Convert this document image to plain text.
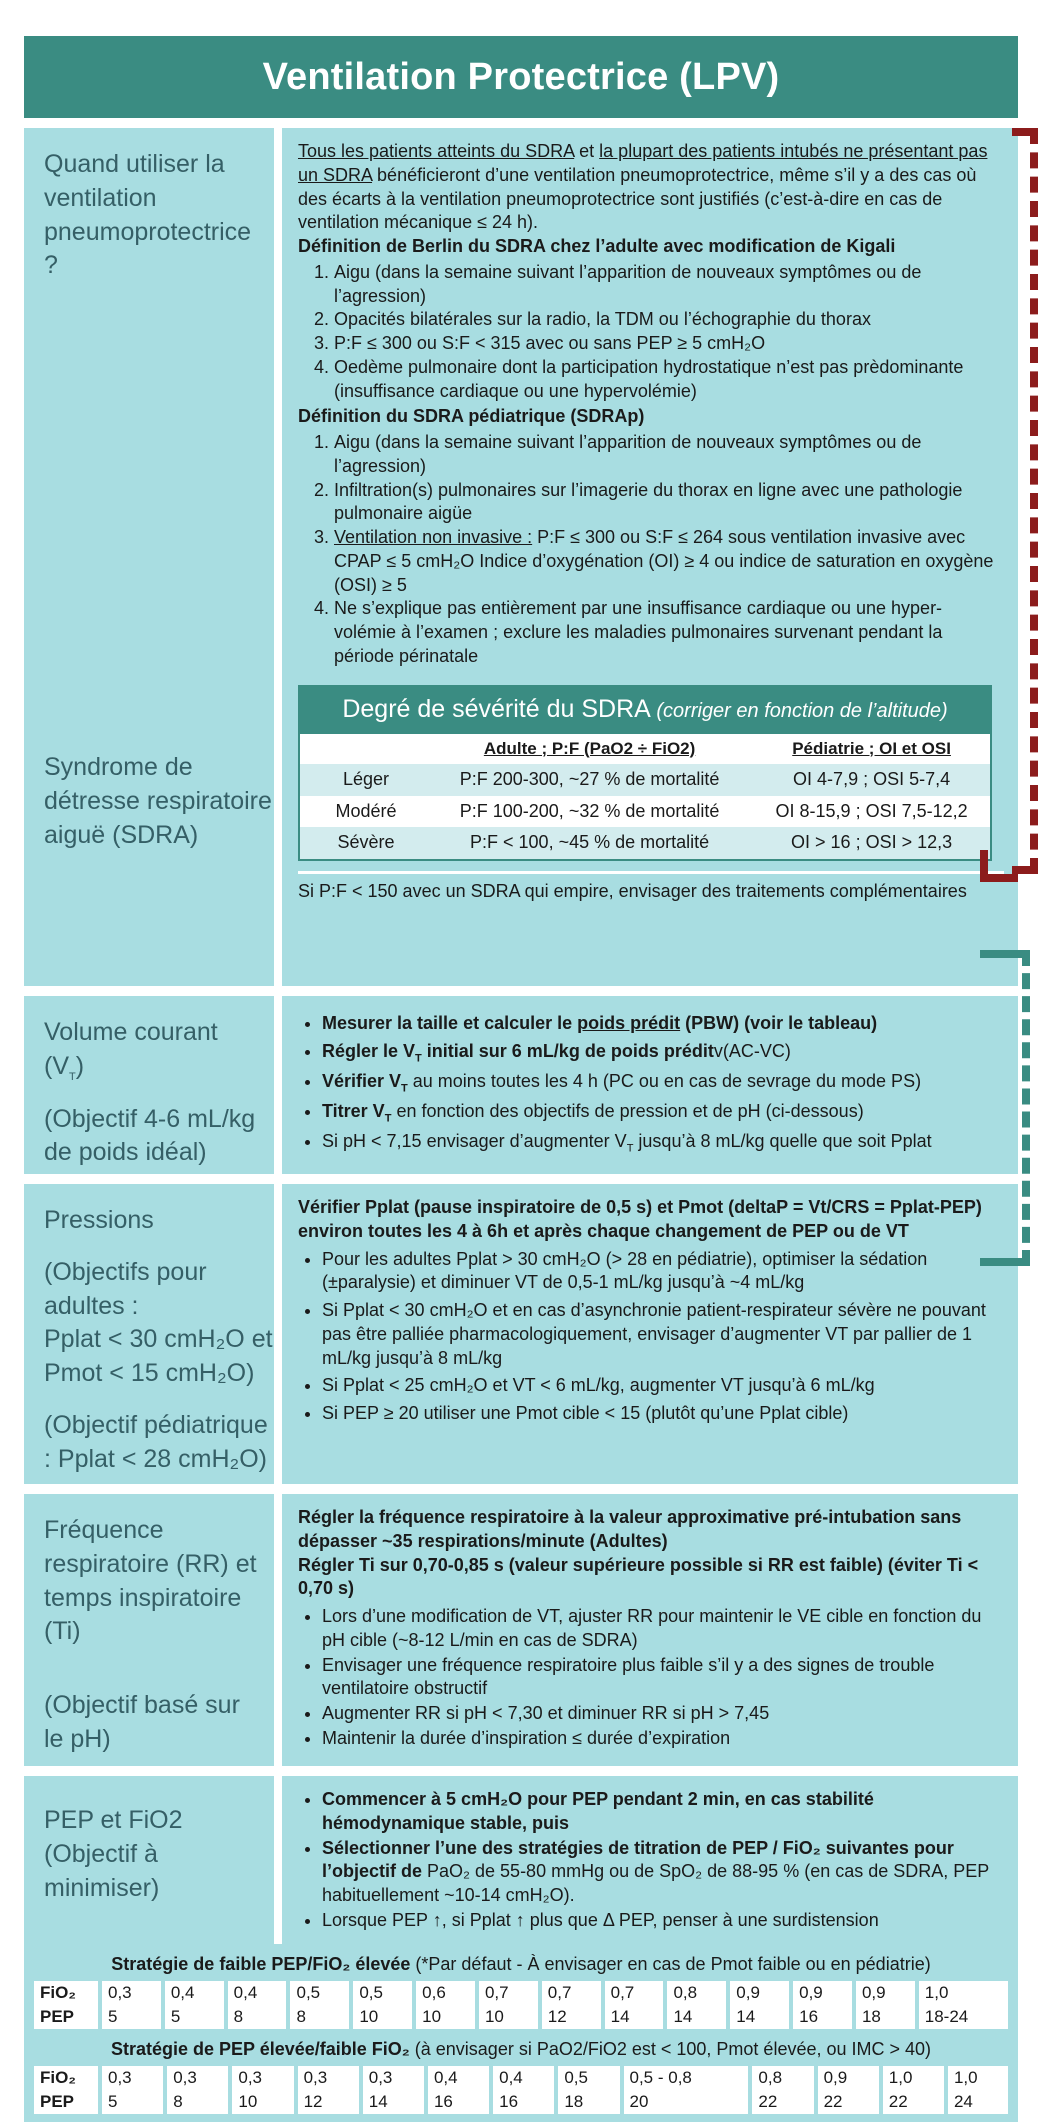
Ventilation Protectrice (LPV)
Quand utiliser la ventilation pneumoprotectrice ?
Syndrome de détresse respiratoire aiguë (SDRA)

Tous les patients atteints du SDRA et la plupart des patients intubés ne présentant pas un SDRA bénéficieront d’une ventilation pneumoprotectrice, même s’il y a des cas où des écarts à la ventilation pneumoprotectrice sont justifiés (c’est-à-dire en cas de ventilation mécanique ≤ 24 h).

Définition de Berlin du SDRA chez l’adulte avec modification de Kigali

1. Aigu (dans la semaine suivant l’apparition de nouveaux symptômes ou de l’agression)
2. Opacités bilatérales sur la radio, la TDM ou l’échographie du thorax
3. P:F ≤ 300 ou S:F < 315 avec ou sans PEP ≥ 5 cmH₂O
4. Oedème pulmonaire dont la participation hydrostatique n’est pas prèdominante (insuffisance cardiaque ou une hypervolémie)

Définition du SDRA pédiatrique (SDRAp)

1. Aigu (dans la semaine suivant l’apparition de nouveaux symptômes ou de l’agression)
2. Infiltration(s) pulmonaires sur l’imagerie du thorax en ligne avec une pathologie pulmonaire aigüe
3. Ventilation non invasive : P:F ≤ 300 ou S:F ≤ 264 sous ventilation invasive avec CPAP ≤ 5 cmH₂O Indice d’oxygénation (OI) ≥ 4 ou indice de saturation en oxygène (OSI) ≥ 5
4. Ne s’explique pas entièrement par une insuffisance cardiaque ou une hyper-volémie à l’examen ; exclure les maladies pulmonaires survenant pendant la période périnatale
Degré de sévérité du SDRA (corriger en fonction de l’altitude)
	Adulte ; P:F (PaO2 ÷ FiO2)		Pédiatrie ; OI et OSI
Léger	P:F 200-300, ~27 % de mortalité		OI 4-7,9 ; OSI 5-7,4
Modéré	P:F 100-200, ~32 % de mortalité		OI 8-15,9 ; OSI 7,5-12,2
Sévère	P:F < 100, ~45 % de mortalité		OI > 16 ; OSI > 12,3

Si P:F < 150 avec un SDRA qui empire, envisager des traitements complémentaires

Volume courant $(V_T)$
(Objectif 4-6 mL/kg de poids idéal)
• Mesurer la taille et calculer le poids prédit (PBW) (voir le tableau)
• Régler le $V_T$ initial sur 6 mL/kg de poids préditv(AC-VC)
• Vérifier $V_T$ au moins toutes les 4 h (PC ou en cas de sevrage du mode PS)
• Titrer $V_T$ en fonction des objectifs de pression et de pH (ci-dessous)
• Si pH < 7,15 envisager d’augmenter $V_T$ jusqu’à 8 mL/kg quelle que soit Pplat
Pressions
(Objectifs pour adultes :
Pplat < 30 cmH₂O et Pmot < 15 cmH₂O)
(Objectif pédiatrique : Pplat < 28 cmH₂O)

Vérifier Pplat (pause inspiratoire de 0,5 s) et Pmot (deltaP = Vt/CRS = Pplat-PEP) environ toutes les 4 à 6h et après chaque changement de PEP ou de VT

• Pour les adultes Pplat > 30 cmH₂O (> 28 en pédiatrie), optimiser la sédation (±paralysie) et diminuer VT de 0,5-1 mL/kg jusqu’à ~4 mL/kg
• Si Pplat < 30 cmH₂O et en cas d’asynchronie patient-respirateur sévère ne pouvant pas être palliée pharmacologiquement, envisager d’augmenter VT par pallier de 1 mL/kg jusqu’à 8 mL/kg
• Si Pplat < 25 cmH₂O et VT < 6 mL/kg, augmenter VT jusqu’à 6 mL/kg
• Si PEP ≥ 20 utiliser une Pmot cible < 15 (plutôt qu’une Pplat cible)
Fréquence respiratoire (RR) et temps inspiratoire (Ti)
(Objectif basé sur le pH)

Régler la fréquence respiratoire à la valeur approximative pré-intubation sans dépasser ~35 respirations/minute (Adultes)

Régler Ti sur 0,70-0,85 s (valeur supérieure possible si RR est faible) (éviter Ti < 0,70 s)

• Lors d’une modification de VT, ajuster RR pour maintenir le VE cible en fonction du pH cible (~8-12 L/min en cas de SDRA)
• Envisager une fréquence respiratoire plus faible s’il y a des signes de trouble ventilatoire obstructif
• Augmenter RR si pH < 7,30 et diminuer RR si pH > 7,45
• Maintenir la durée d’inspiration ≤ durée d’expiration
PEP et FiO2
(Objectif à minimiser)
• Commencer à 5 cmH₂O pour PEP pendant 2 min, en cas stabilité hémodynamique stable, puis
• Sélectionner l’une des stratégies de titration de PEP / FiO₂ suivantes pour l’objectif de PaO₂ de 55-80 mmHg ou de SpO₂ de 88-95 % (en cas de SDRA, PEP habituellement ~10-14 cmH₂O).
• Lorsque PEP ↑, si Pplat ↑ plus que Δ PEP, penser à une surdistension
Stratégie de faible PEP/FiO₂ élevée (*Par défaut - À envisager en cas de Pmot faible ou en pédiatrie)
FiO₂	0,3	0,4	0,4	0,5	0,5	0,6	0,7	0,7	0,7	0,8	0,9	0,9	0,9	1,0
PEP	5	5	8	8	10	10	10	12	14	14	14	16	18	18-24
Stratégie de PEP élevée/faible FiO₂ (à envisager si PaO2/FiO2 est < 100, Pmot élevée, ou IMC > 40)
FiO₂	0,3	0,3	0,3	0,3	0,3	0,4	0,4	0,5	0,5 - 0,8	0,8	0,9	1,0	1,0
PEP	5	8	10	12	14	16	16	18	20	22	22	22	24
